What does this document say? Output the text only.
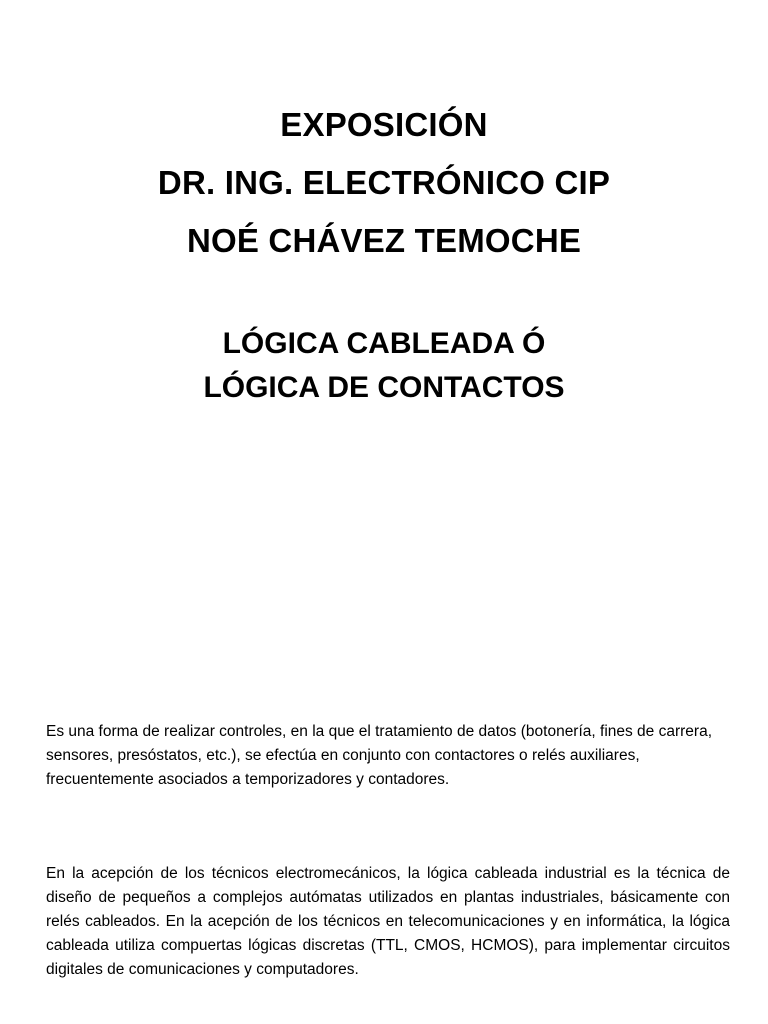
EXPOSICIÓN
DR. ING. ELECTRÓNICO CIP
NOÉ CHÁVEZ TEMOCHE
LÓGICA CABLEADA Ó
LÓGICA DE CONTACTOS

Es una forma de realizar controles, en la que el tratamiento de datos (botonería, fines de carrera, sensores, presóstatos, etc.), se efectúa en conjunto con contactores o relés auxiliares, frecuentemente asociados a temporizadores y contadores.

En la acepción de los técnicos electromecánicos, la lógica cableada industrial es la técnica de diseño de pequeños a complejos autómatas utilizados en plantas industriales, básicamente con relés cableados. En la acepción de los técnicos en telecomunicaciones y en informática, la lógica cableada utiliza compuertas lógicas discretas (TTL, CMOS, HCMOS), para implementar circuitos digitales de comunicaciones y computadores.
